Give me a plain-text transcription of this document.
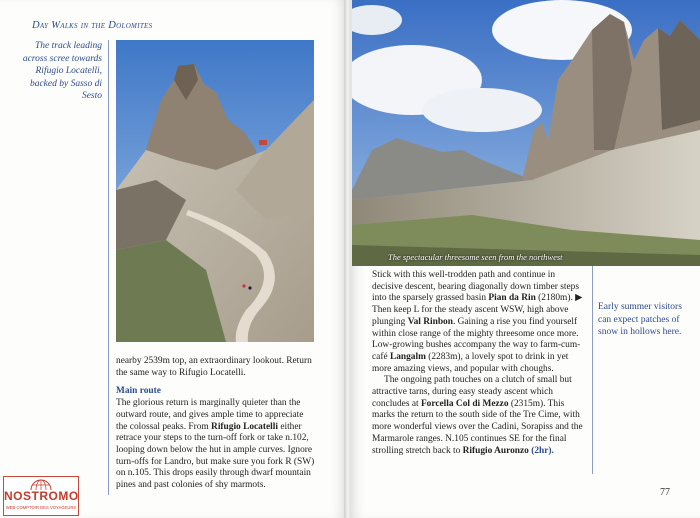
Day Walks in the Dolomites
The track leading across scree towards Rifugio Locatelli, backed by Sasso di Sesto

nearby 2539m top, an extraordinary lookout. Return the same way to Rifugio Locatelli.

Main route

The glorious return is marginally quieter than the outward route, and gives ample time to appreciate the colossal peaks. From Rifugio Locatelli either retrace your steps to the turn-off fork or take n.102, looping down below the hut in ample curves. Ignore turn-offs for Landro, but make sure you fork R (SW) on n.105. This drops easily through dwarf mountain pines and past colonies of shy marmots.

NOSTROMO
WEB COMPTOIR DES VOYAGEURS
The spectacular threesome seen from the northwest

Stick with this well-trodden path and continue in decisive descent, bearing diagonally down timber steps into the sparsely grassed basin Pian da Rin (2180m). ▶ Then keep L for the steady ascent WSW, high above plunging Val Rinbon. Gaining a rise you find yourself within close range of the mighty threesome once more. Low-growing bushes accompany the way to farm-cum-café Langalm (2283m), a lovely spot to drink in yet more amazing views, and popular with choughs.

The ongoing path touches on a clutch of small but attractive tarns, during easy steady ascent which concludes at Forcella Col di Mezzo (2315m). This marks the return to the south side of the Tre Cime, with more wonderful views over the Cadini, Sorapiss and the Marmarole ranges. N.105 continues SE for the final strolling stretch back to Rifugio Auronzo (2hr).

Early summer visitors can expect patches of snow in hollows here.
77
